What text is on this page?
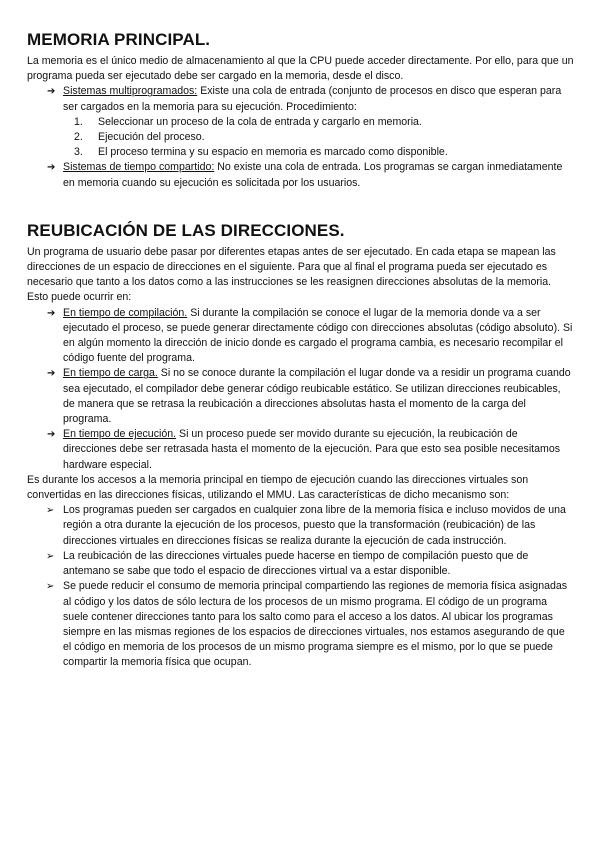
MEMORIA PRINCIPAL.

La memoria es el único medio de almacenamiento al que la CPU puede acceder directamente. Por ello, para que un programa pueda ser ejecutado debe ser cargado en la memoria, desde el disco.

➔ Sistemas multiprogramados: Existe una cola de entrada (conjunto de procesos en disco que esperan para ser cargados en la memoria para su ejecución. Procedimiento:
1. Seleccionar un proceso de la cola de entrada y cargarlo en memoria.
2. Ejecución del proceso.
3. El proceso termina y su espacio en memoria es marcado como disponible.
➔ Sistemas de tiempo compartido: No existe una cola de entrada. Los programas se cargan inmediatamente en memoria cuando su ejecución es solicitada por los usuarios.
REUBICACIÓN DE LAS DIRECCIONES.

Un programa de usuario debe pasar por diferentes etapas antes de ser ejecutado. En cada etapa se mapean las direcciones de un espacio de direcciones en el siguiente. Para que al final el programa pueda ser ejecutado es necesario que tanto a los datos como a las instrucciones se les reasignen direcciones absolutas de la memoria. Esto puede ocurrir en:

➔ En tiempo de compilación. Si durante la compilación se conoce el lugar de la memoria donde va a ser ejecutado el proceso, se puede generar directamente código con direcciones absolutas (código absoluto). Si en algún momento la dirección de inicio donde es cargado el programa cambia, es necesario recompilar el código fuente del programa.
➔ En tiempo de carga. Si no se conoce durante la compilación el lugar donde va a residir un programa cuando sea ejecutado, el compilador debe generar código reubicable estático. Se utilizan direcciones reubicables, de manera que se retrasa la reubicación a direcciones absolutas hasta el momento de la carga del programa.
➔ En tiempo de ejecución. Si un proceso puede ser movido durante su ejecución, la reubicación de direcciones debe ser retrasada hasta el momento de la ejecución. Para que esto sea posible necesitamos hardware especial.

Es durante los accesos a la memoria principal en tiempo de ejecución cuando las direcciones virtuales son convertidas en las direcciones físicas, utilizando el MMU. Las características de dicho mecanismo son:

➢ Los programas pueden ser cargados en cualquier zona libre de la memoria física e incluso movidos de una región a otra durante la ejecución de los procesos, puesto que la transformación (reubicación) de las direcciones virtuales en direcciones físicas se realiza durante la ejecución de cada instrucción.
➢ La reubicación de las direcciones virtuales puede hacerse en tiempo de compilación puesto que de antemano se sabe que todo el espacio de direcciones virtual va a estar disponible.
➢ Se puede reducir el consumo de memoria principal compartiendo las regiones de memoria física asignadas al código y los datos de sólo lectura de los procesos de un mismo programa. El código de un programa suele contener direcciones tanto para los salto como para el acceso a los datos. Al ubicar los programas siempre en las mismas regiones de los espacios de direcciones virtuales, nos estamos asegurando de que el código en memoria de los procesos de un mismo programa siempre es el mismo, por lo que se puede compartir la memoria física que ocupan.
